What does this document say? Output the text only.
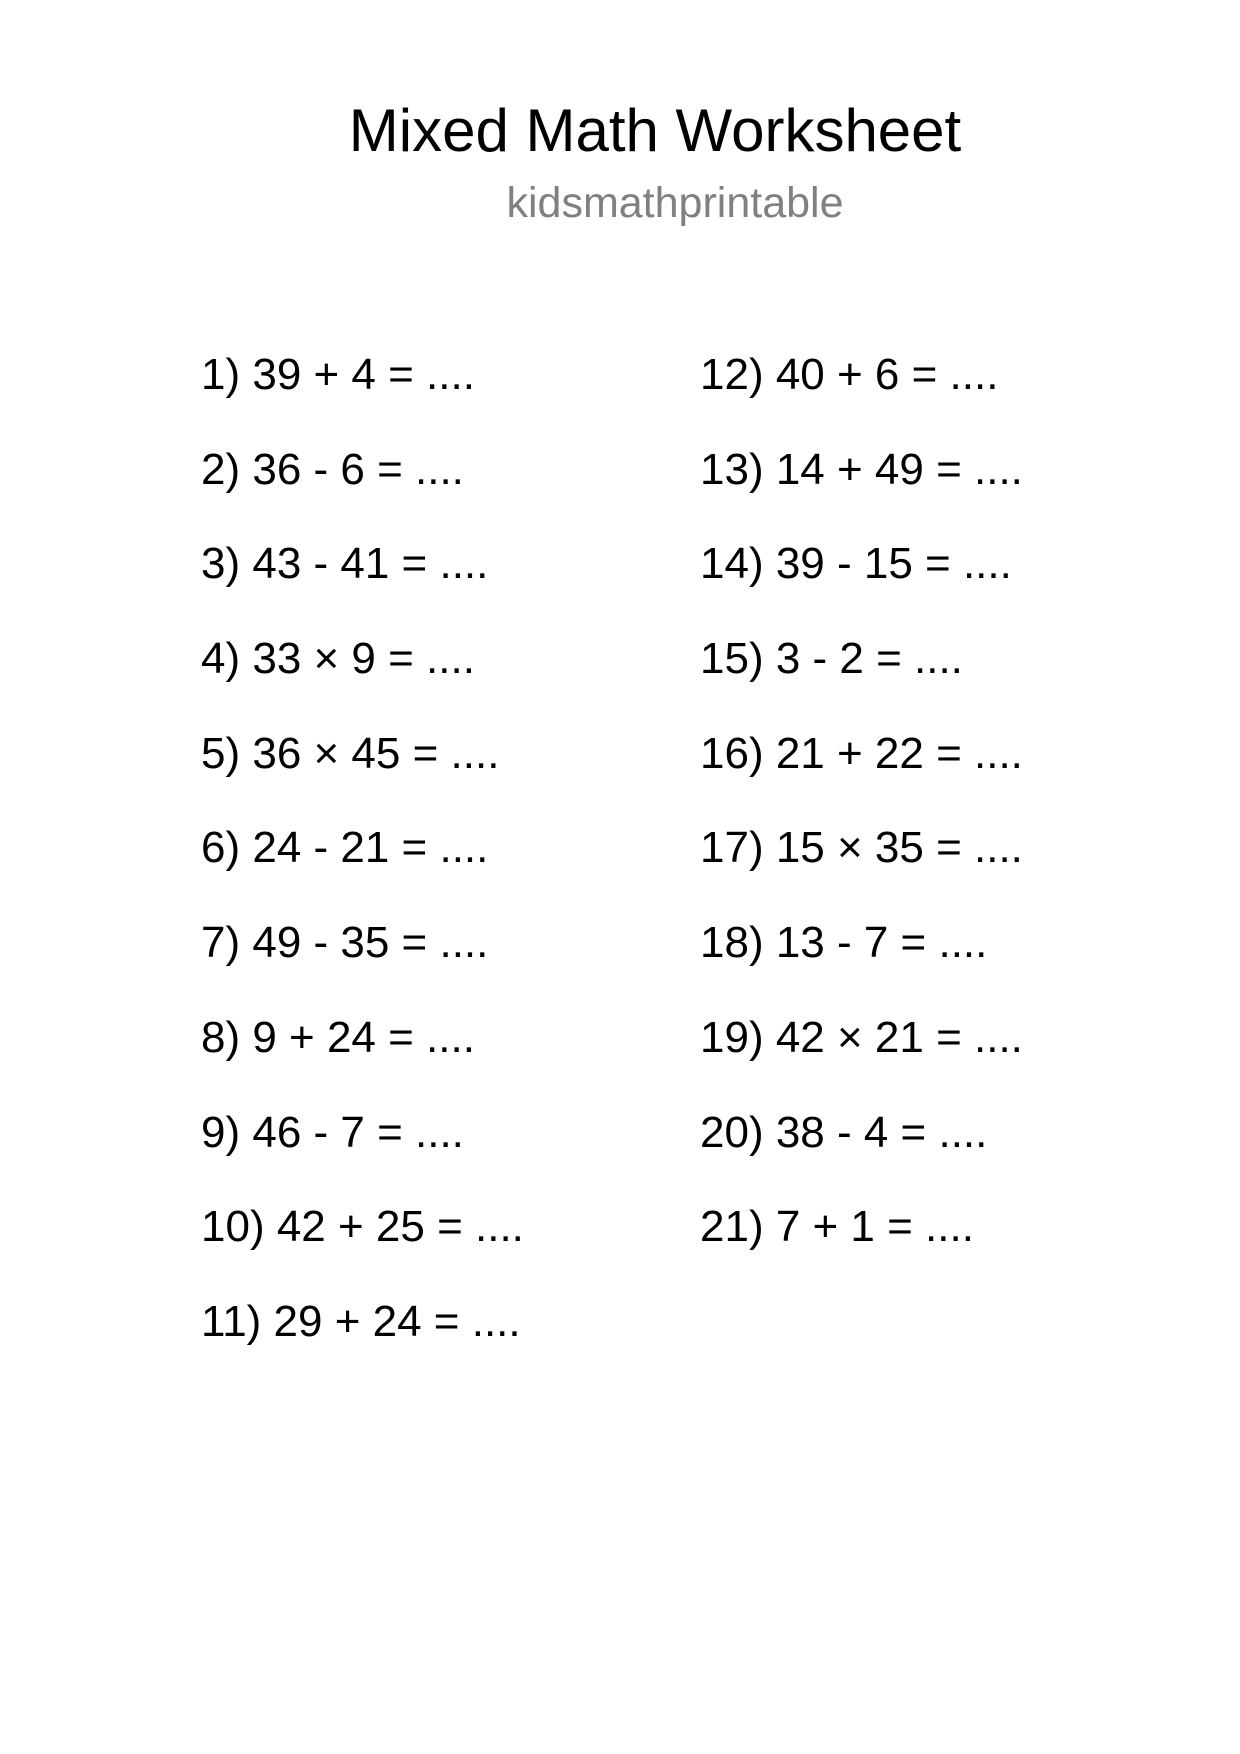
Mixed Math Worksheet
kidsmathprintable
1) 39 + 4 = ....
2) 36 - 6 = ....
3) 43 - 41 = ....
4) 33 × 9 = ....
5) 36 × 45 = ....
6) 24 - 21 = ....
7) 49 - 35 = ....
8) 9 + 24 = ....
9) 46 - 7 = ....
10) 42 + 25 = ....
11) 29 + 24 = ....
12) 40 + 6 = ....
13) 14 + 49 = ....
14) 39 - 15 = ....
15) 3 - 2 = ....
16) 21 + 22 = ....
17) 15 × 35 = ....
18) 13 - 7 = ....
19) 42 × 21 = ....
20) 38 - 4 = ....
21) 7 + 1 = ....
